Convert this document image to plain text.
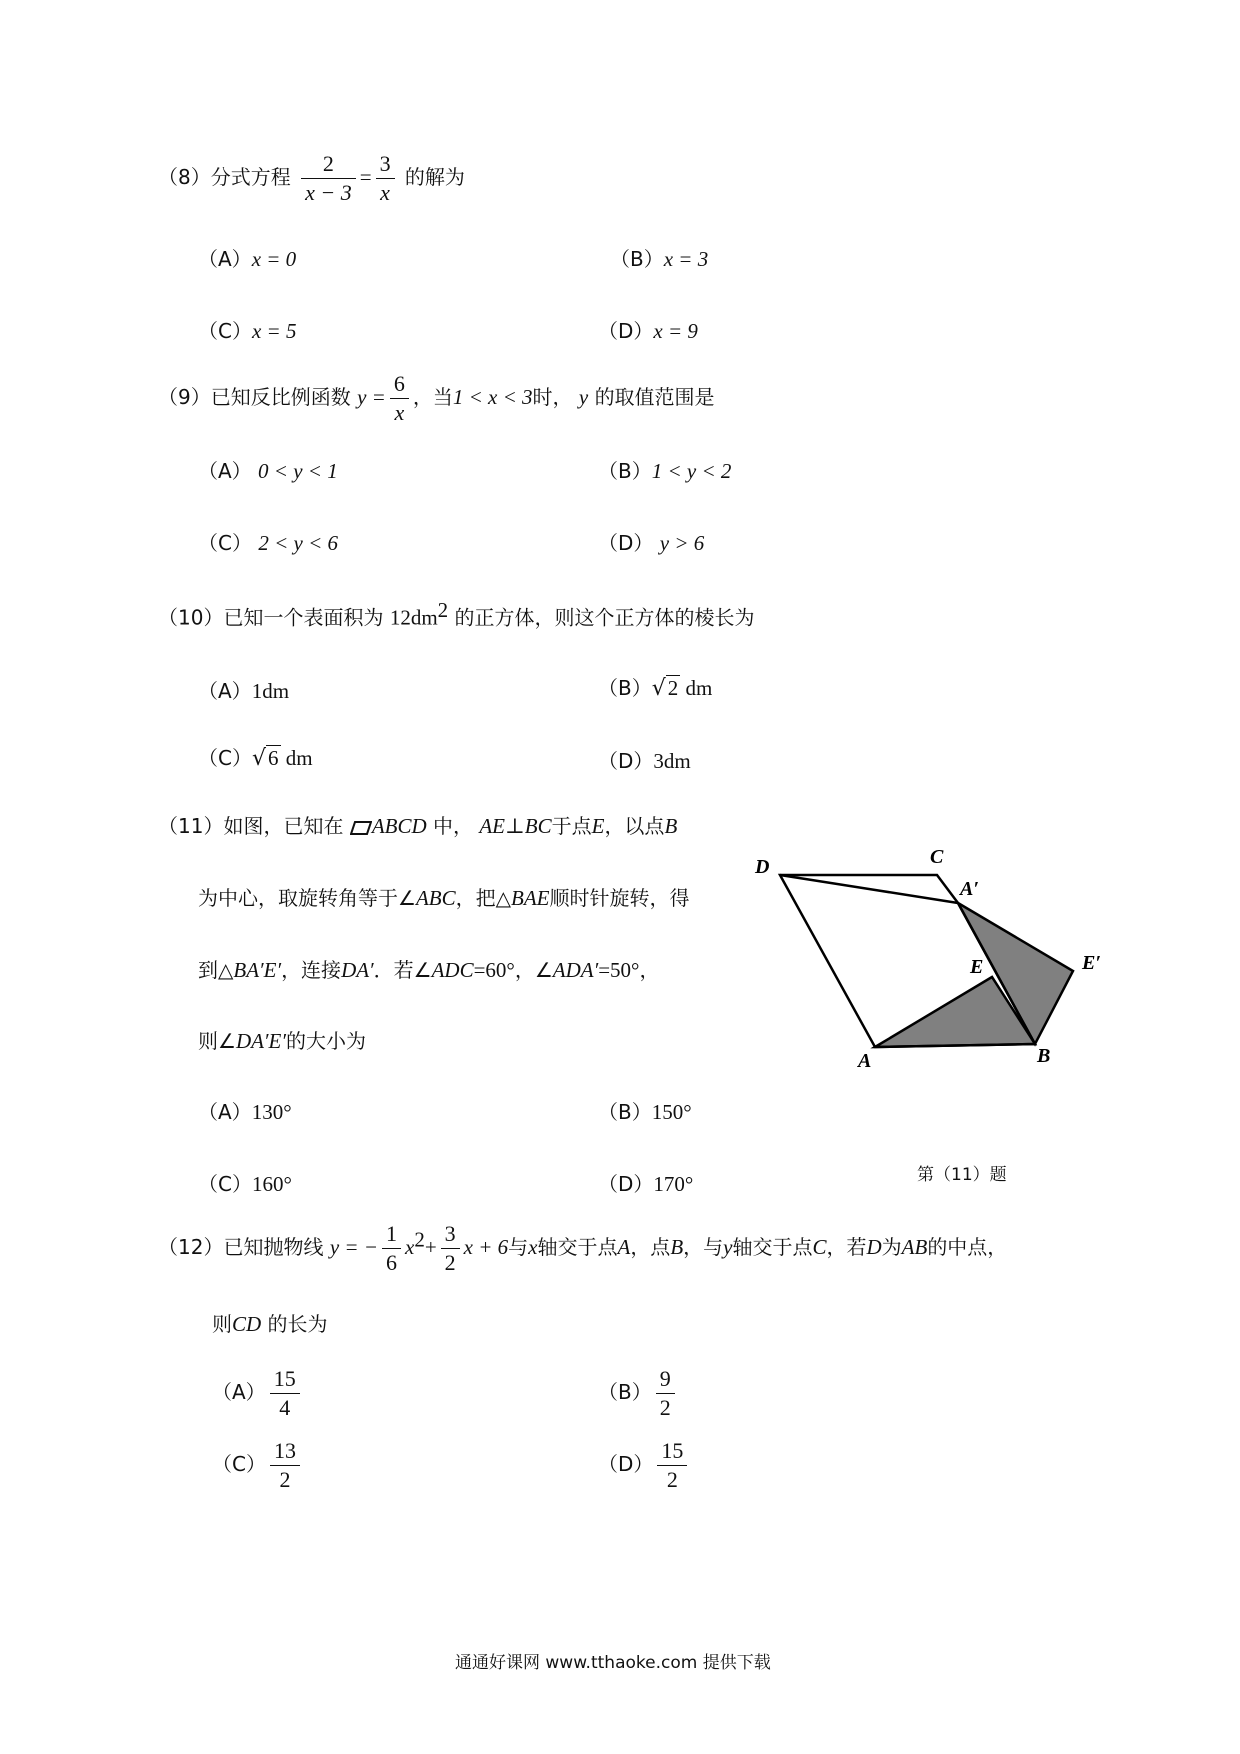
（8）分式方程 $\frac{2}{x - 3} = \frac{3}{x}$ 的解为
（A）x = 0	（B）x = 3
（C）x = 5	（D）x = 9
（9）已知反比例函数 $y = \frac{6}{x}$ ，当1 < x < 3时， y 的取值范围是
（A） 0 < y < 1	（B）1 < y < 2
（C） 2 < y < 6	（D） y > 6
（10）已知一个表面积为 $12dm^2$ 的正方体，则这个正方体的棱长为
（A）1dm	（B）√2 dm
（C）√6 dm	（D）3dm
（11）如图，已知在 ABCD 中， AE⊥BC于点E，以点B
为中心，取旋转角等于∠ABC，把△BAE顺时针旋转，得
到△BA′E′，连接DA′．若∠ADC=60°，∠ADA′=50°，
则∠DA′E′的大小为
（A）130°	（B）150°
（C）160°	（D）170°
D	C
A′
E	E′
A	B
第（11）题
（12）已知抛物线 y = − $\frac{1}{6} x^2+ \frac{3}{2}$ x + 6与x轴交于点A，点B，与y轴交于点C，若D为AB的中点，
则CD 的长为
$(A) \frac{15}{4}$	$(B) \frac{9}{2}$
$(C) \frac{13}{2}$	$(D) \frac{15}{2}$
通通好课网 www.tthaoke.com 提供下载
